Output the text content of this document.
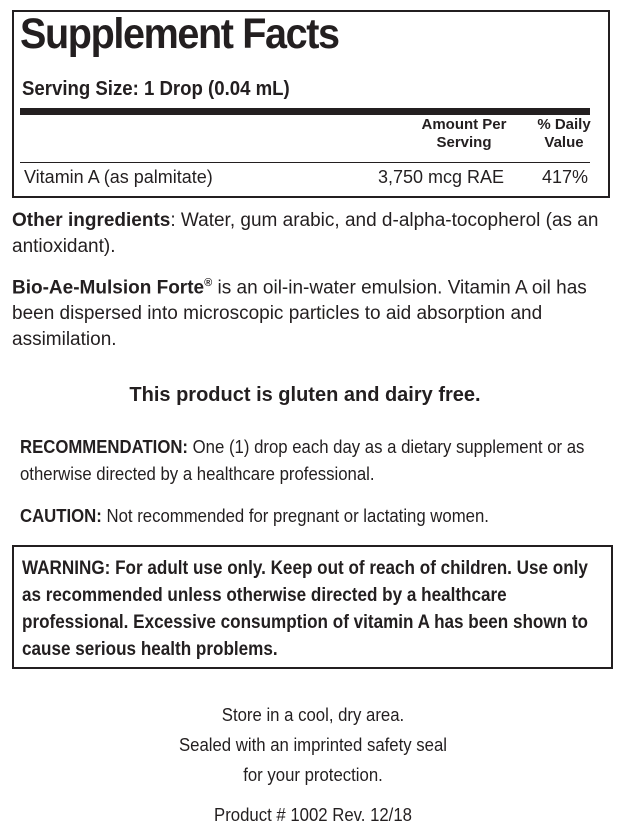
Supplement Facts
Serving Size: 1 Drop (0.04 mL)
Amount Per
Serving
% Daily
Value
Vitamin A (as palmitate)	3,750 mcg RAE	417%
Other ingredients: Water, gum arabic, and d-alpha-tocopherol (as an antioxidant).
Bio-Ae-Mulsion Forte® is an oil-in-water emulsion. Vitamin A oil has been dispersed into microscopic particles to aid absorption and assimilation.
This product is gluten and dairy free.
RECOMMENDATION: One (1) drop each day as a dietary supplement or as otherwise directed by a healthcare professional.
CAUTION: Not recommended for pregnant or lactating women.
WARNING: For adult use only. Keep out of reach of children. Use only as recommended unless otherwise directed by a healthcare professional. Excessive consumption of vitamin A has been shown to cause serious health problems.
Store in a cool, dry area.
Sealed with an imprinted safety seal
for your protection.
Product # 1002 Rev. 12/18
